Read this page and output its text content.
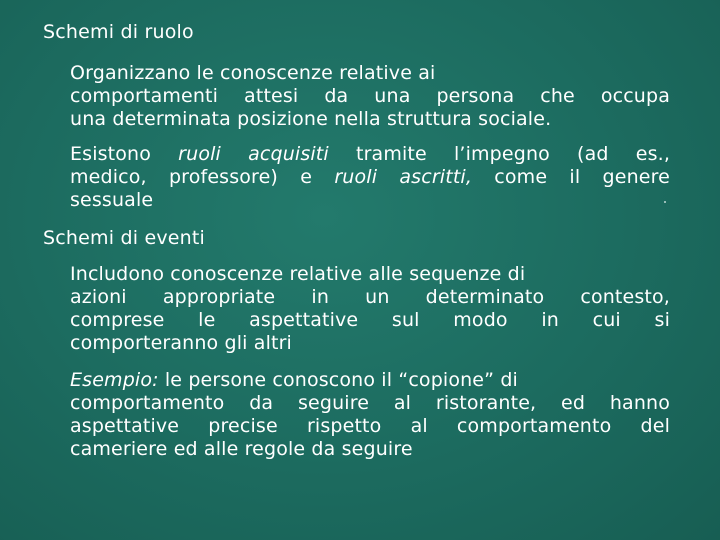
Schemi di ruolo
Organizzano le conoscenze relative ai
comportamenti attesi da una persona che occupa
una determinata posizione nella struttura sociale.
Esistono ruoli acquisiti tramite l’impegno (ad es.,
medico, professore) e ruoli ascritti, come il genere
sessuale
Schemi di eventi
Includono conoscenze relative alle sequenze di
azioni appropriate in un determinato contesto,
comprese le aspettative sul modo in cui si
comporteranno gli altri
Esempio: le persone conoscono il “copione” di
comportamento da seguire al ristorante, ed hanno
aspettative precise rispetto al comportamento del
cameriere ed alle regole da seguire
